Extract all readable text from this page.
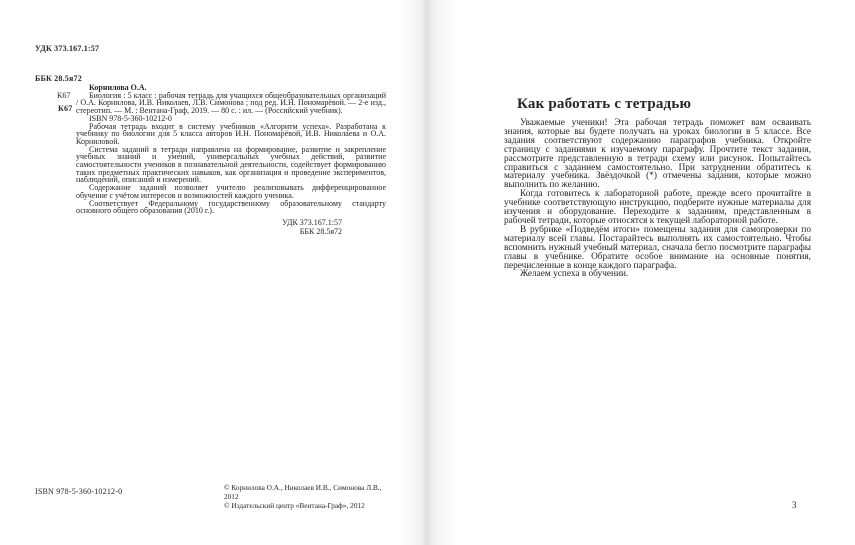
УДК 373.167.1:57

ББК 28.5я72

К67

К67

Корнилова О.А.

Биология : 5 класс : рабочая тетрадь для учащихся общеобразовательных организаций / О.А. Корнилова, И.В. Николаев, Л.В. Симонова ; под ред. И.Н. Пономарёвой. — 2-е изд., стереотип. — М. : Вентана-Граф, 2019. — 80 с. : ил. — (Российский учебник).

ISBN 978-5-360-10212-0

Рабочая тетрадь входит в систему учебников «Алгоритм успеха». Разработана к учебнику по биологии для 5 класса авторов И.Н. Пономарёвой, И.В. Николаева и О.А. Корниловой.

Система заданий в тетради направлена на формирование, развитие и закрепление учебных знаний и умений, универсальных учебных действий, развитие самостоятельности учеников в познавательной деятельности, содействует формированию таких предметных практических навыков, как организация и проведение экспериментов, наблюдений, описаний и измерений.

Содержание заданий позволяет учителю реализовывать дифференцированное обучение с учётом интересов и возможностей каждого ученика.

Соответствует Федеральному государственному образовательному стандарту основного общего образования (2010 г.).

УДК 373.167.1:57
ББК 28.5я72
ISBN 978-5-360-10212-0	© Корнилова О.А., Николаев И.В., Симонова Л.В., 2012
© Издательский центр «Вентана-Граф», 2012
Как работать с тетрадью

Уважаемые ученики! Эта рабочая тетрадь поможет вам осваивать знания, которые вы будете получать на уроках биологии в 5 классе. Все задания соответствуют содержанию параграфов учебника. Откройте страницу с заданиями к изучаемому параграфу. Прочтите текст задания, рассмотрите представленную в тетради схему или рисунок. Попытайтесь справиться с заданием самостоятельно. При затруднении обратитесь к материалу учебника. Звёздочкой (*) отмечены задания, которые можно выполнить по желанию.

Когда готовитесь к лабораторной работе, прежде всего прочитайте в учебнике соответствующую инструкцию, подберите нужные материалы для изучения и оборудование. Переходите к заданиям, представленным в рабочей тетради, которые относятся к текущей лабораторной работе.

В рубрике «Подведём итоги» помещены задания для самопроверки по материалу всей главы. Постарайтесь выполнять их самостоятельно. Чтобы вспомнить нужный учебный материал, сначала бегло посмотрите параграфы главы в учебнике. Обратите особое внимание на основные понятия, перечисленные в конце каждого параграфа.

Желаем успеха в обучении.

3
